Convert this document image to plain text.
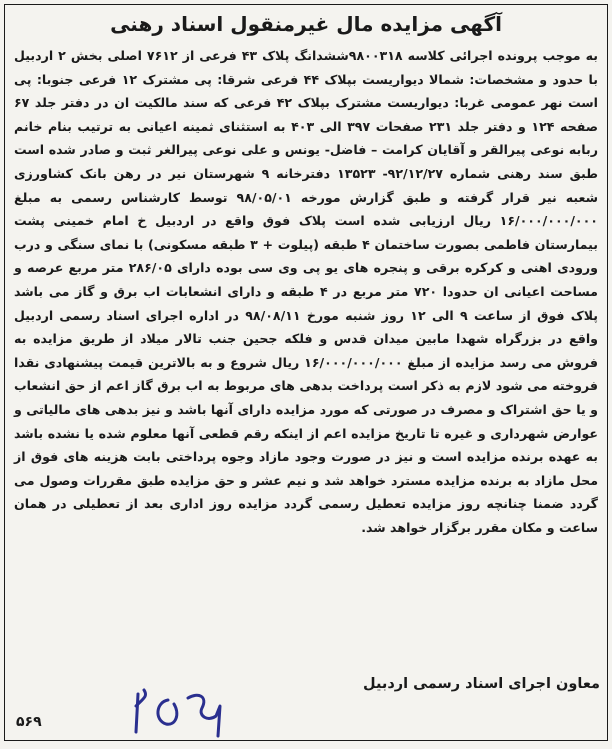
آگهی مزایده مال غیرمنقول اسناد رهنی

به موجب پرونده اجرائی کلاسه ۹۸۰۰۳۱۸ششدانگ پلاک ۴۳ فرعی از ۷۶۱۲ اصلی بخش ۲ اردبیل با حدود و مشخصات: شمالا دیواریست بپلاک ۴۴ فرعی شرقا: پی مشترک ۱۲ فرعی جنوبا: پی است نهر عمومی غربا: دیواریست مشترک بپلاک ۴۲ فرعی که سند مالکیت ان در دفتر جلد ۶۷ صفحه ۱۲۴ و دفتر جلد ۲۳۱ صفحات ۳۹۷ الی ۴۰۳ به استثنای ثمینه اعیانی به ترتیب بنام خانم ربابه نوعی پیرالقر و آقایان کرامت – فاضل- یونس و علی نوعی پیرالغر ثبت و صادر شده است طبق سند رهنی شماره ۹۲/۱۲/۲۷- ۱۳۵۲۳ دفترخانه ۹ شهرستان نیر در رهن بانک کشاورزی شعبه نیر قرار گرفته و طبق گزارش مورخه ۹۸/۰۵/۰۱ توسط کارشناس رسمی به مبلغ ۱۶/۰۰۰/۰۰۰/۰۰۰ ریال ارزیابی شده است پلاک فوق واقع در اردبیل خ امام خمینی پشت بیمارستان فاطمی بصورت ساختمان ۴ طبقه (پیلوت + ۳ طبقه مسکونی) با نمای سنگی و درب ورودی اهنی و کرکره برقی و پنجره های یو پی وی سی بوده دارای ۲۸۶/۰۵ متر مربع عرصه و مساحت اعیانی ان حدودا ۷۲۰ متر مربع در ۴ طبقه و دارای انشعابات اب برق و گاز می باشد پلاک فوق از ساعت ۹ الی ۱۲ روز شنبه مورخ ۹۸/۰۸/۱۱ در اداره اجرای اسناد رسمی اردبیل واقع در بزرگراه شهدا مابین میدان قدس و فلکه جحین جنب تالار میلاد از طریق مزایده به فروش می رسد مزایده از مبلغ ۱۶/۰۰۰/۰۰۰/۰۰۰ ریال شروع و به بالاترین قیمت پیشنهادی نقدا فروخته می شود لازم به ذکر است پرداخت بدهی های مربوط به اب برق گاز اعم از حق انشعاب و یا حق اشتراک و مصرف در صورتی که مورد مزایده دارای آنها باشد و نیز بدهی های مالیاتی و عوارض شهرداری و غیره تا تاریخ مزایده اعم از اینکه رقم قطعی آنها معلوم شده یا نشده باشد به عهده برنده مزایده است و نیز در صورت وجود مازاد وجوه پرداختی بابت هزینه های فوق از محل مازاد به برنده مزایده مسترد خواهد شد و نیم عشر و حق مزایده طبق مقررات وصول می گردد ضمنا چنانچه روز مزایده تعطیل رسمی گردد مزایده روز اداری بعد از تعطیلی در همان ساعت و مکان مقرر برگزار خواهد شد.

معاون اجرای اسناد رسمی اردبیل
۵۶۹
